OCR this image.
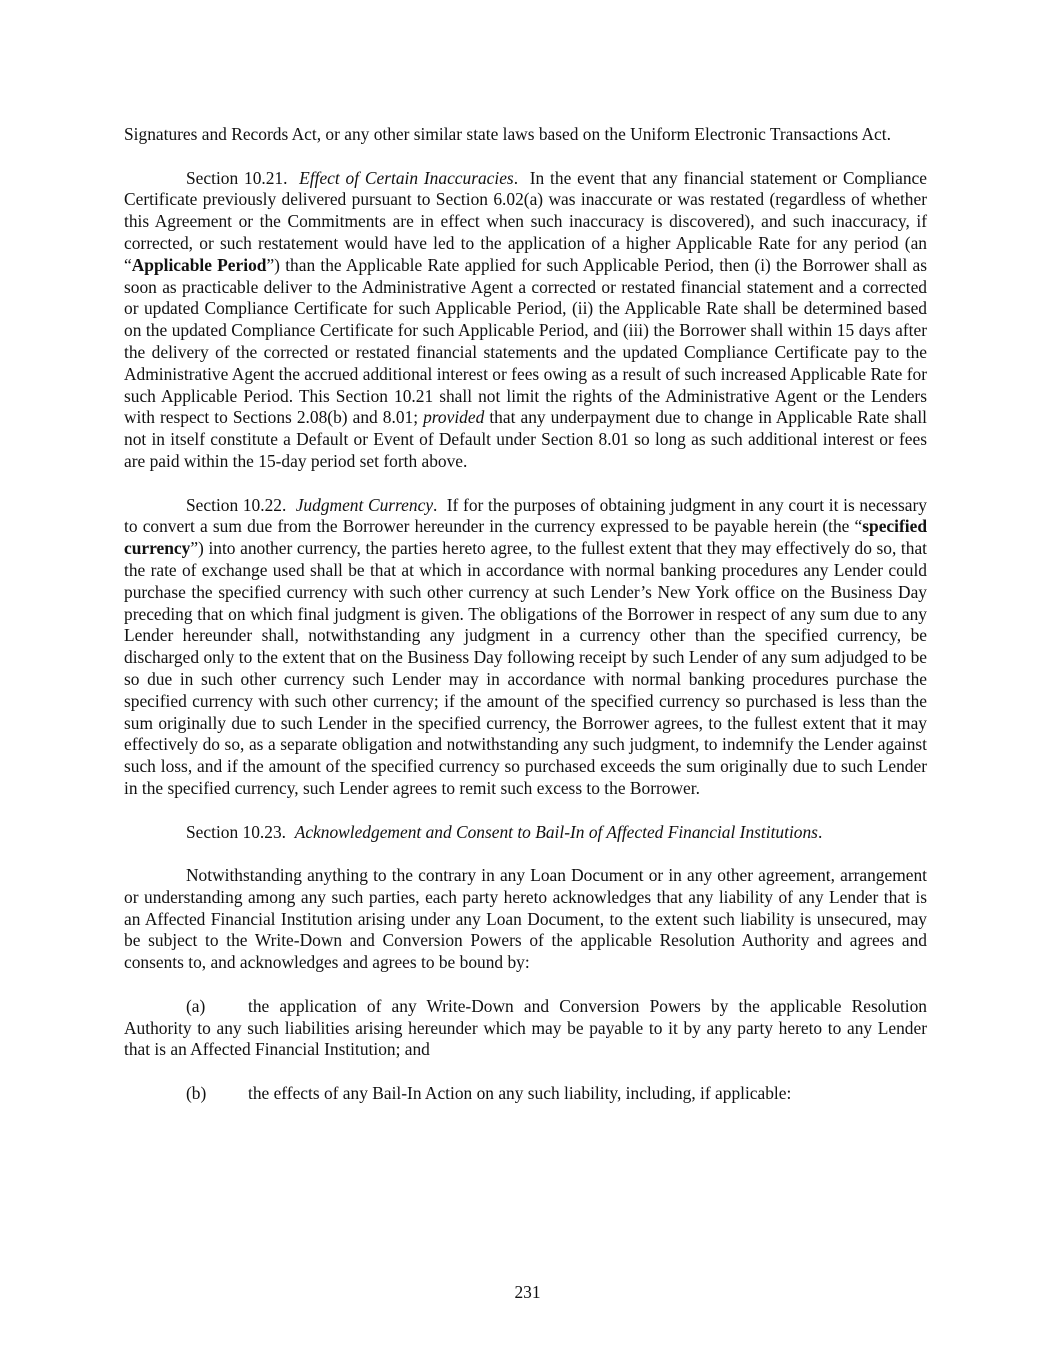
Signatures and Records Act, or any other similar state laws based on the Uniform Electronic Transactions Act.

Section 10.21. Effect of Certain Inaccuracies.  In the event that any financial statement or Compliance Certificate previously delivered pursuant to Section 6.02(a) was inaccurate or was restated (regardless of whether this Agreement or the Commitments are in effect when such inaccuracy is discovered), and such inaccuracy, if corrected, or such restatement would have led to the application of a higher Applicable Rate for any period (an “Applicable Period”) than the Applicable Rate applied for such Applicable Period, then (i) the Borrower shall as soon as practicable deliver to the Administrative Agent a corrected or restated financial statement and a corrected or updated Compliance Certificate for such Applicable Period, (ii) the Applicable Rate shall be determined based on the updated Compliance Certificate for such Applicable Period, and (iii) the Borrower shall within 15 days after the delivery of the corrected or restated financial statements and the updated Compliance Certificate pay to the Administrative Agent the accrued additional interest or fees owing as a result of such increased Applicable Rate for such Applicable Period. This Section 10.21 shall not limit the rights of the Administrative Agent or the Lenders with respect to Sections 2.08(b) and 8.01; provided that any underpayment due to change in Applicable Rate shall not in itself constitute a Default or Event of Default under Section 8.01 so long as such additional interest or fees are paid within the 15-day period set forth above.

Section 10.22. Judgment Currency.  If for the purposes of obtaining judgment in any court it is necessary to convert a sum due from the Borrower hereunder in the currency expressed to be payable herein (the “specified currency”) into another currency, the parties hereto agree, to the fullest extent that they may effectively do so, that the rate of exchange used shall be that at which in accordance with normal banking procedures any Lender could purchase the specified currency with such other currency at such Lender’s New York office on the Business Day preceding that on which final judgment is given. The obligations of the Borrower in respect of any sum due to any Lender hereunder shall, notwithstanding any judgment in a currency other than the specified currency, be discharged only to the extent that on the Business Day following receipt by such Lender of any sum adjudged to be so due in such other currency such Lender may in accordance with normal banking procedures purchase the specified currency with such other currency; if the amount of the specified currency so purchased is less than the sum originally due to such Lender in the specified currency, the Borrower agrees, to the fullest extent that it may effectively do so, as a separate obligation and notwithstanding any such judgment, to indemnify the Lender against such loss, and if the amount of the specified currency so purchased exceeds the sum originally due to such Lender in the specified currency, such Lender agrees to remit such excess to the Borrower.

Section 10.23. Acknowledgement and Consent to Bail-In of Affected Financial Institutions.

Notwithstanding anything to the contrary in any Loan Document or in any other agreement, arrangement or understanding among any such parties, each party hereto acknowledges that any liability of any Lender that is an Affected Financial Institution arising under any Loan Document, to the extent such liability is unsecured, may be subject to the Write-Down and Conversion Powers of the applicable Resolution Authority and agrees and consents to, and acknowledges and agrees to be bound by:

(a) the application of any Write-Down and Conversion Powers by the applicable Resolution Authority to any such liabilities arising hereunder which may be payable to it by any party hereto to any Lender that is an Affected Financial Institution; and

(b) the effects of any Bail-In Action on any such liability, including, if applicable:

231
